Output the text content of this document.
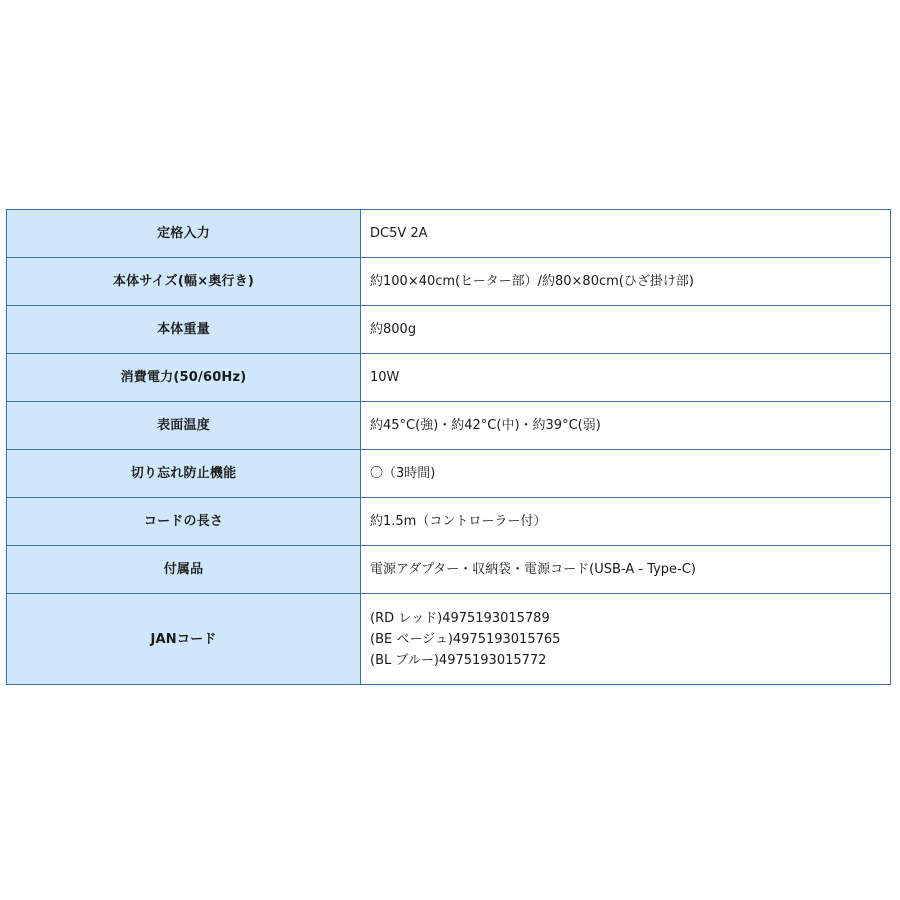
定格入力	DC5V 2A
本体サイズ(幅×奥行き)	約100×40cm(ヒーター部）/約80×80cm(ひざ掛け部)
本体重量	約800g
消費電力(50/60Hz)	10W
表面温度	約45°C(強)・約42°C(中)・約39°C(弱)
切り忘れ防止機能	〇（3時間)
コードの長さ	約1.5m（コントローラー付）
付属品	電源アダプター・収納袋・電源コード(USB-A - Type-C)
JANコード	(RD レッド)4975193015789
(BE ベージュ)4975193015765
(BL ブルー)4975193015772
